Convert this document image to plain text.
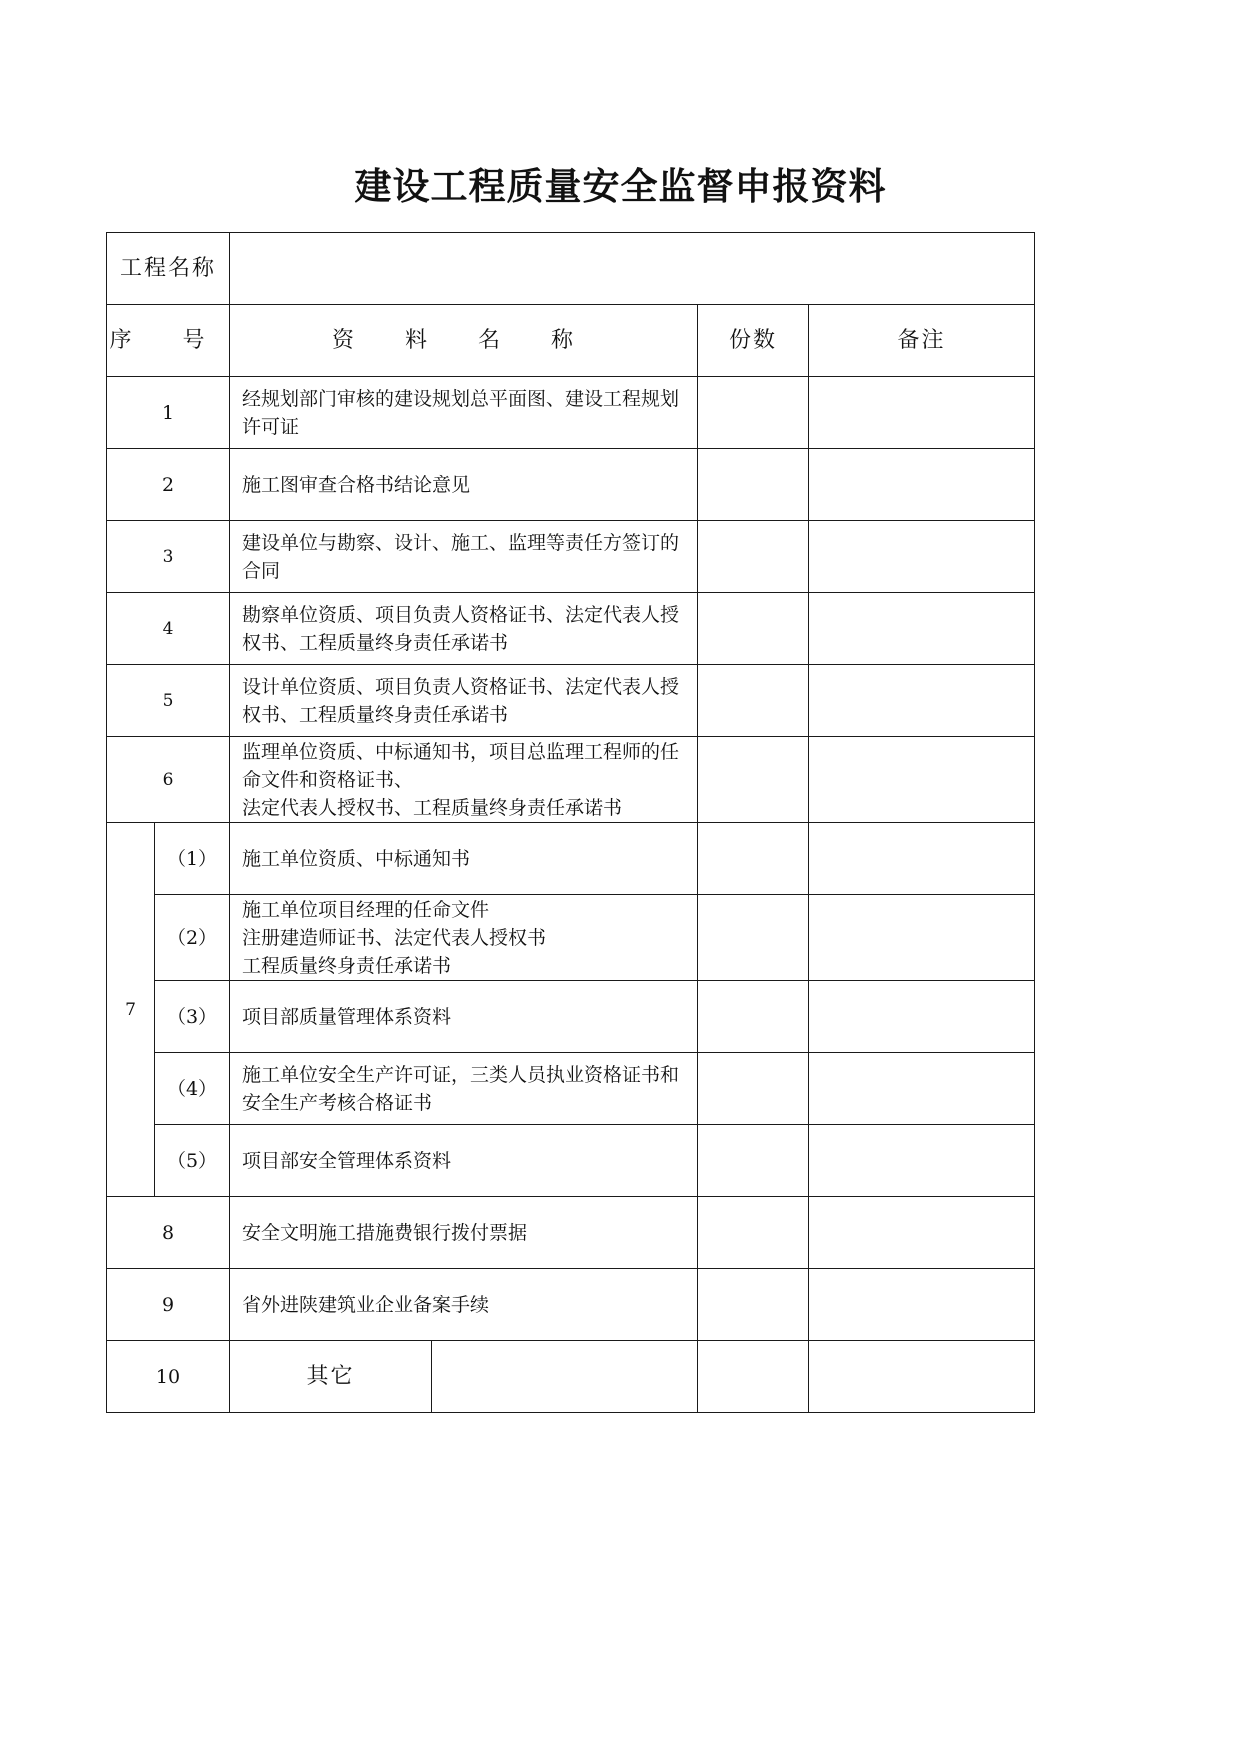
建设工程质量安全监督申报资料
工程名称					
序 号		资 料 名 称		份数	备注
1		经规划部门审核的建设规划总平面图、建设工程规划许可证			
2		施工图审查合格书结论意见			
3		建设单位与勘察、设计、施工、监理等责任方签订的合同			
4		勘察单位资质、项目负责人资格证书、法定代表人授权书、工程质量终身责任承诺书			
5		设计单位资质、项目负责人资格证书、法定代表人授权书、工程质量终身责任承诺书			
6		监理单位资质、中标通知书，项目总监理工程师的任命文件和资格证书、
法定代表人授权书、工程质量终身责任承诺书			
7	（1）	施工单位资质、中标通知书			
	（2）	施工单位项目经理的任命文件
注册建造师证书、法定代表人授权书
工程质量终身责任承诺书			
	（3）	项目部质量管理体系资料			
	（4）	施工单位安全生产许可证，三类人员执业资格证书和安全生产考核合格证书			
	（5）	项目部安全管理体系资料			
8		安全文明施工措施费银行拨付票据			
9		省外进陕建筑业企业备案手续			
10		其它			
